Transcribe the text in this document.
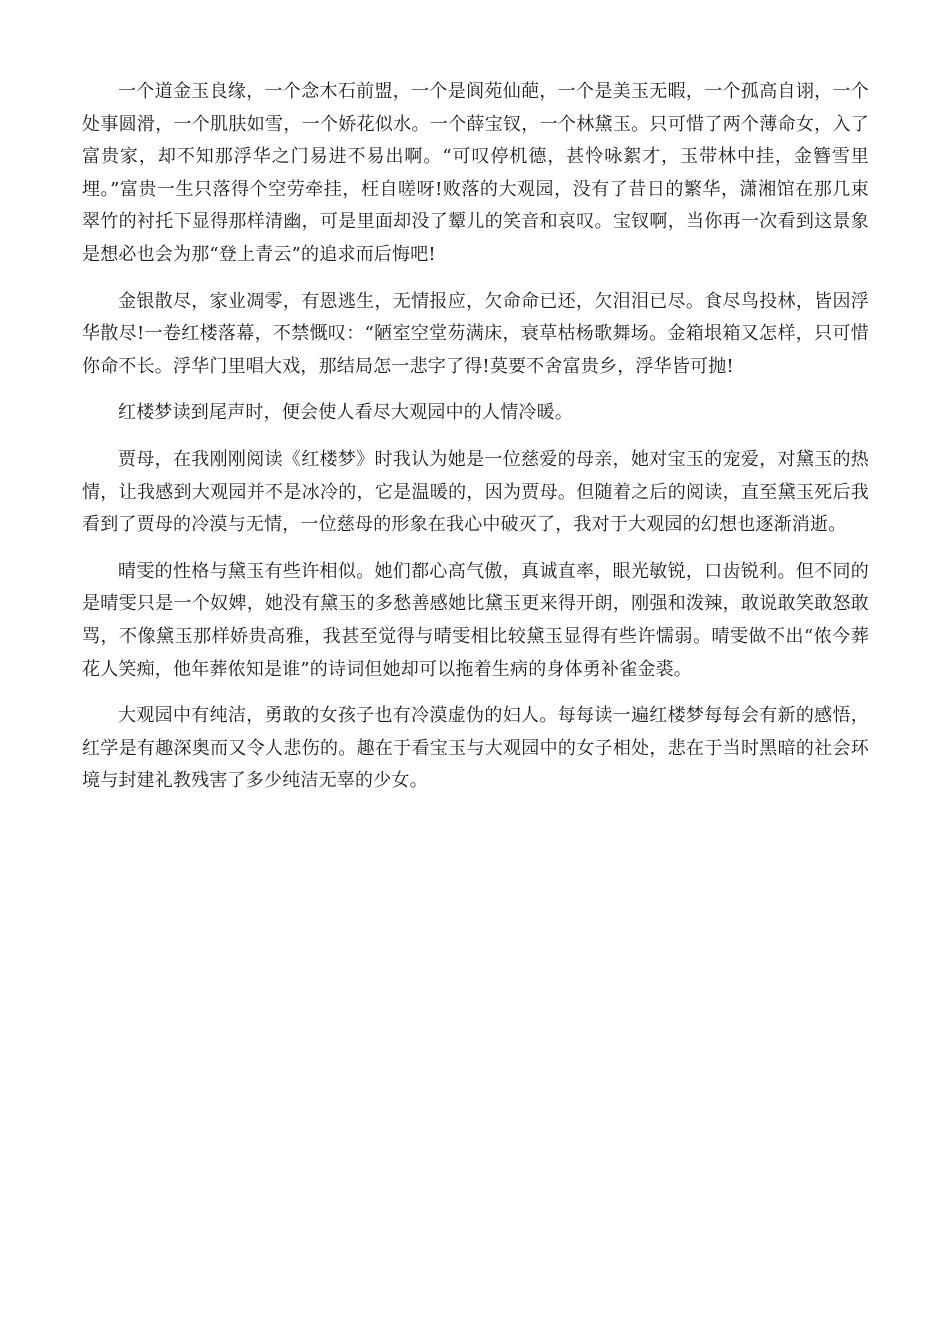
一个道金玉良缘，一个念木石前盟，一个是阆苑仙葩，一个是美玉无暇，一个孤高自诩，一个处事圆滑，一个肌肤如雪，一个娇花似水。一个薛宝钗，一个林黛玉。只可惜了两个薄命女，入了富贵家，却不知那浮华之门易进不易出啊。“可叹停机德，甚怜咏絮才，玉带林中挂，金簪雪里埋。”富贵一生只落得个空劳牵挂，枉自嗟呀!败落的大观园，没有了昔日的繁华，潇湘馆在那几束翠竹的衬托下显得那样清幽，可是里面却没了颦儿的笑音和哀叹。宝钗啊，当你再一次看到这景象是想必也会为那“登上青云”的追求而后悔吧!

金银散尽，家业凋零，有恩逃生，无情报应，欠命命已还，欠泪泪已尽。食尽鸟投林，皆因浮华散尽!一卷红楼落幕，不禁慨叹：“陋室空堂芴满床，衰草枯杨歌舞场。金箱垠箱又怎样，只可惜你命不长。浮华门里唱大戏，那结局怎一悲字了得!莫要不舍富贵乡，浮华皆可抛!

红楼梦读到尾声时，便会使人看尽大观园中的人情冷暖。

贾母，在我刚刚阅读《红楼梦》时我认为她是一位慈爱的母亲，她对宝玉的宠爱，对黛玉的热情，让我感到大观园并不是冰冷的，它是温暖的，因为贾母。但随着之后的阅读，直至黛玉死后我看到了贾母的冷漠与无情，一位慈母的形象在我心中破灭了，我对于大观园的幻想也逐渐消逝。

晴雯的性格与黛玉有些许相似。她们都心高气傲，真诚直率，眼光敏锐，口齿锐利。但不同的是晴雯只是一个奴婢，她没有黛玉的多愁善感她比黛玉更来得开朗，刚强和泼辣，敢说敢笑敢怒敢骂，不像黛玉那样娇贵高雅，我甚至觉得与晴雯相比较黛玉显得有些许懦弱。晴雯做不出“侬今葬花人笑痴，他年葬侬知是谁”的诗词但她却可以拖着生病的身体勇补雀金裘。

大观园中有纯洁，勇敢的女孩子也有冷漠虚伪的妇人。每每读一遍红楼梦每每会有新的感悟，红学是有趣深奥而又令人悲伤的。趣在于看宝玉与大观园中的女子相处，悲在于当时黑暗的社会环境与封建礼教残害了多少纯洁无辜的少女。
